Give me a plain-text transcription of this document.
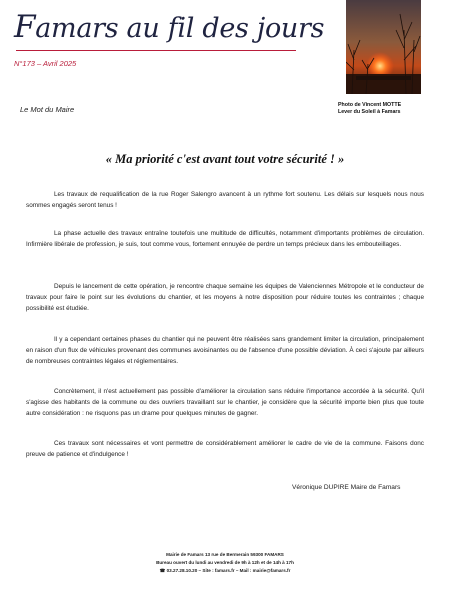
Famars au fil des jours
N°173 – Avril 2025
Photo de Vincent MOTTE
Lever du Soleil à Famars
Le Mot du Maire
« Ma priorité c'est avant tout votre sécurité ! »

Les travaux de requalification de la rue Roger Salengro avancent à un rythme fort soutenu. Les délais sur lesquels nous nous sommes engagés seront tenus !

La phase actuelle des travaux entraîne toutefois une multitude de difficultés, notamment d'importants problèmes de circulation. Infirmière libérale de profession, je suis, tout comme vous, fortement ennuyée de perdre un temps précieux dans les embouteillages.

Depuis le lancement de cette opération, je rencontre chaque semaine les équipes de Valenciennes Métropole et le conducteur de travaux pour faire le point sur les évolutions du chantier, et les moyens à notre disposition pour réduire toutes les contraintes ; chaque possibilité est étudiée.

Il y a cependant certaines phases du chantier qui ne peuvent être réalisées sans grandement limiter la circulation, principalement en raison d'un flux de véhicules provenant des communes avoisinantes ou de l'absence d'une possible déviation. À ceci s'ajoute par ailleurs de nombreuses contraintes légales et réglementaires.

Concrètement, il n'est actuellement pas possible d'améliorer la circulation sans réduire l'importance accordée à la sécurité. Qu'il s'agisse des habitants de la commune ou des ouvriers travaillant sur le chantier, je considère que la sécurité importe bien plus que toute autre considération : ne risquons pas un drame pour quelques minutes de gagner.

Ces travaux sont nécessaires et vont permettre de considérablement améliorer le cadre de vie de la commune. Faisons donc preuve de patience et d'indulgence !

Véronique DUPIRE Maire de Famars
Mairie de Famars 13 rue de Bermerain 59300 FAMARS
Bureau ouvert du lundi au vendredi de 9h à 12h et de 14h à 17h
☎ 03.27.28.10.20 – Site : famars.fr – Mail : mairie@famars.fr
